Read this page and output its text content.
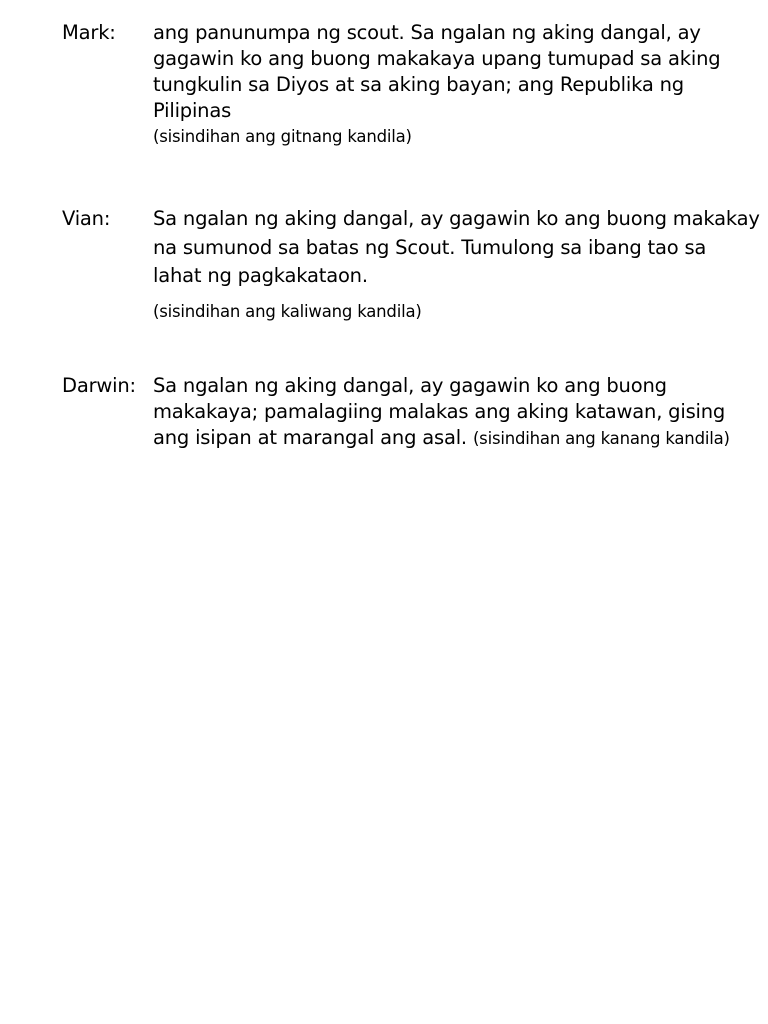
Mark: ang panunumpa ng scout. Sa ngalan ng aking dangal, ay
gagawin ko ang buong makakaya upang tumupad sa aking
tungkulin sa Diyos at sa aking bayan; ang Republika ng
Pilipinas
(sisindihan ang gitnang kandila)
Vian: Sa ngalan ng aking dangal, ay gagawin ko ang buong makakay
na sumunod sa batas ng Scout. Tumulong sa ibang tao sa
lahat ng pagkakataon.
(sisindihan ang kaliwang kandila)
Darwin: Sa ngalan ng aking dangal, ay gagawin ko ang buong
makakaya; pamalagiing malakas ang aking katawan, gising
ang isipan at marangal ang asal. (sisindihan ang kanang kandila)
